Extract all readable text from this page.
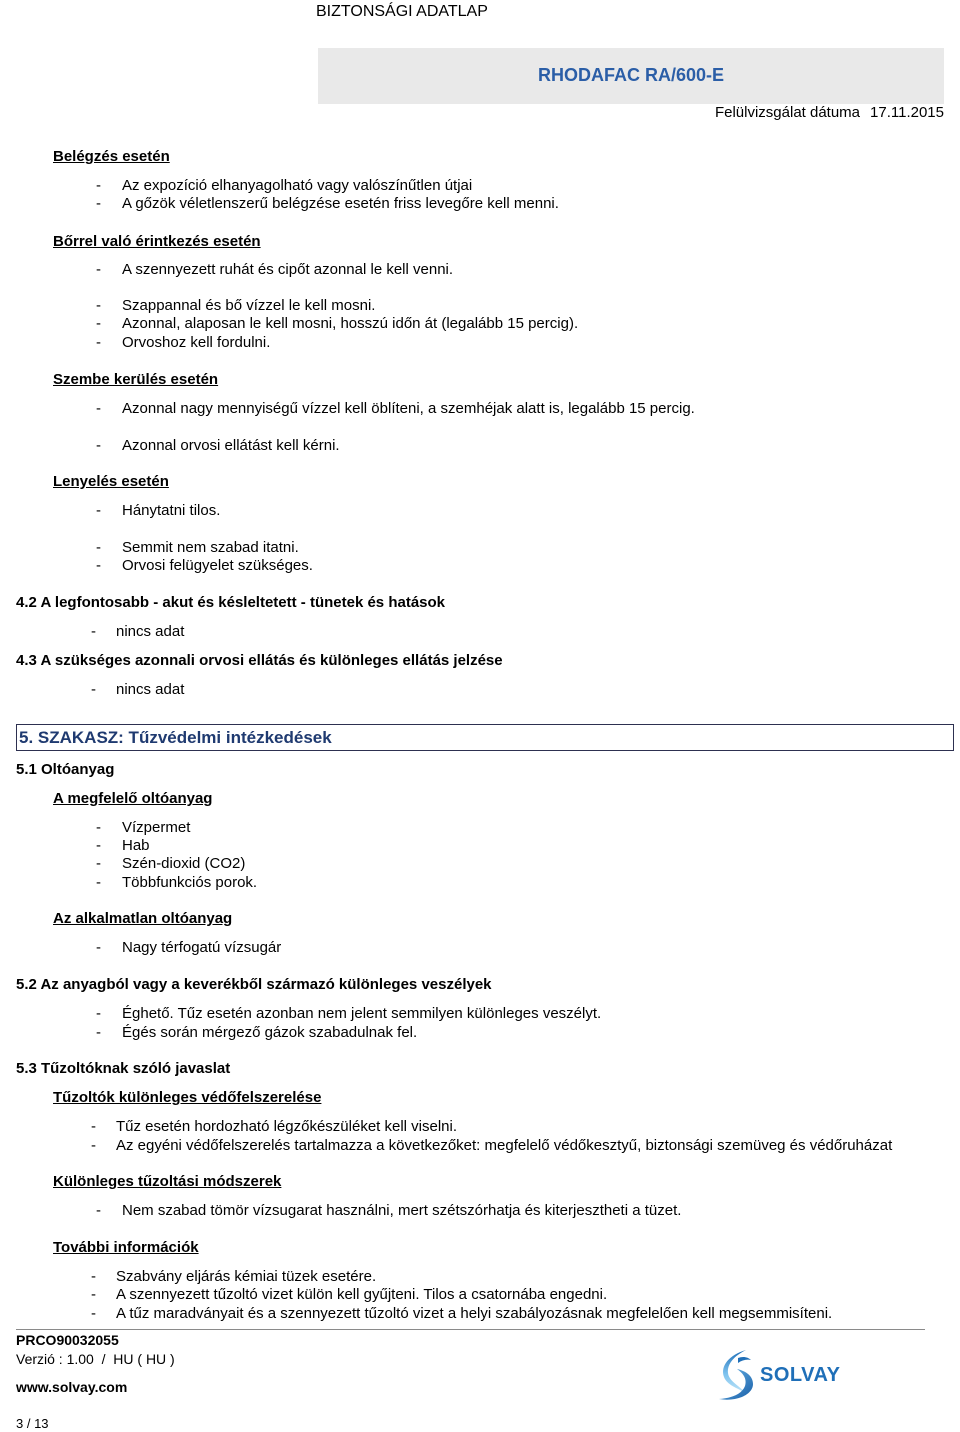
BIZTONSÁGI ADATLAP
RHODAFAC RA/600-E
Felülvizsgálat dátuma 17.11.2015
Belégzés esetén
- Az expozíció elhanyagolható vagy valószínűtlen útjai
- A gőzök véletlenszerű belégzése esetén friss levegőre kell menni.
Bőrrel való érintkezés esetén
- A szennyezett ruhát és cipőt azonnal le kell venni.
- Szappannal és bő vízzel le kell mosni.
- Azonnal, alaposan le kell mosni, hosszú időn át (legalább 15 percig).
- Orvoshoz kell fordulni.
Szembe kerülés esetén
- Azonnal nagy mennyiségű vízzel kell öblíteni, a szemhéjak alatt is, legalább 15 percig.
- Azonnal orvosi ellátást kell kérni.
Lenyelés esetén
- Hánytatni tilos.
- Semmit nem szabad itatni.
- Orvosi felügyelet szükséges.
4.2 A legfontosabb - akut és késleltetett - tünetek és hatások
- nincs adat
4.3 A szükséges azonnali orvosi ellátás és különleges ellátás jelzése
- nincs adat
5. SZAKASZ: Tűzvédelmi intézkedések
5.1 Oltóanyag
A megfelelő oltóanyag
- Vízpermet
- Hab
- Szén-dioxid (CO2)
- Többfunkciós porok.
Az alkalmatlan oltóanyag
- Nagy térfogatú vízsugár
5.2 Az anyagból vagy a keverékből származó különleges veszélyek
- Éghető. Tűz esetén azonban nem jelent semmilyen különleges veszélyt.
- Égés során mérgező gázok szabadulnak fel.
5.3 Tűzoltóknak szóló javaslat
Tűzoltók különleges védőfelszerelése
- Tűz esetén hordozható légzőkészüléket kell viselni.
- Az egyéni védőfelszerelés tartalmazza a következőket: megfelelő védőkesztyű, biztonsági szemüveg és védőruházat
Különleges tűzoltási módszerek
- Nem szabad tömör vízsugarat használni, mert szétszórhatja és kiterjesztheti a tüzet.
További információk
- Szabvány eljárás kémiai tüzek esetére.
- A szennyezett tűzoltó vizet külön kell gyűjteni. Tilos a csatornába engedni.
- A tűz maradványait és a szennyezett tűzoltó vizet a helyi szabályozásnak megfelelően kell megsemmisíteni.
PRCO90032055
Verzió : 1.00  /  HU ( HU )
www.solvay.com
3 / 13
SOLVAY
